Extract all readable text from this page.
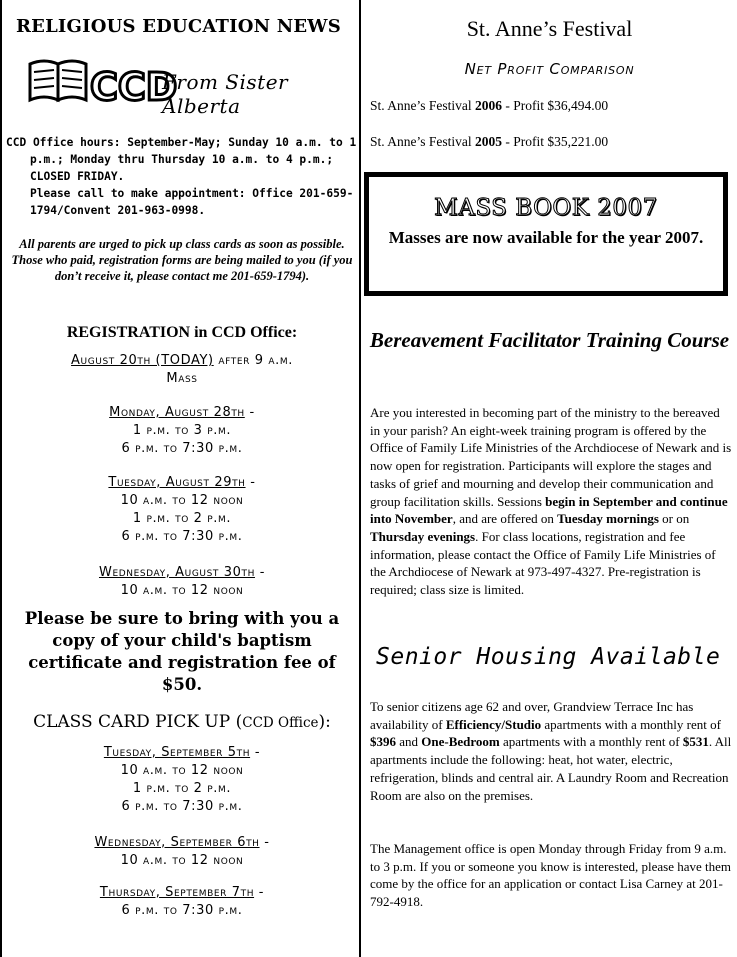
RELIGIOUS EDUCATION NEWS
CCD
From Sister Alberta

CCD Office hours: September-May; Sunday 10 a.m. to 1 p.m.; Monday thru Thursday 10 a.m. to 4 p.m.; CLOSED FRIDAY.

Please call to make appointment: Office 201-659-1794/Convent 201-963-0998.

All parents are urged to pick up class cards as soon as possible. Those who paid, registration forms are being mailed to you (if you don’t receive it, please contact me 201-659-1794).
REGISTRATION in CCD Office:
August 20th (TODAY) after 9 a.m.
Mass
Monday, August 28th -
1 p.m. to 3 p.m.
6 p.m. to 7:30 p.m.
Tuesday, August 29th -
10 a.m. to 12 noon
1 p.m. to 2 p.m.
6 p.m. to 7:30 p.m.
Wednesday, August 30th -
10 a.m. to 12 noon
Please be sure to bring with you a copy of your child's baptism certificate and registration fee of $50.
CLASS CARD PICK UP (CCD Office):
Tuesday, September 5th -
10 a.m. to 12 noon
1 p.m. to 2 p.m.
6 p.m. to 7:30 p.m.
Wednesday, September 6th -
10 a.m. to 12 noon
Thursday, September 7th -
6 p.m. to 7:30 p.m.
St. Anne’s Festival
Net Profit Comparison
St. Anne’s Festival 2006 - Profit $36,494.00
St. Anne’s Festival 2005 - Profit $35,221.00
MASS BOOK 2007
Masses are now available for the year 2007.
Bereavement Facilitator Training Course
Are you interested in becoming part of the ministry to the bereaved in your parish? An eight-week training program is offered by the Office of Family Life Ministries of the Archdiocese of Newark and is now open for registration. Participants will explore the stages and tasks of grief and mourning and develop their communication and group facilitation skills. Sessions begin in September and continue into November, and are offered on Tuesday mornings or on Thursday evenings. For class locations, registration and fee information, please contact the Office of Family Life Ministries of the Archdiocese of Newark at 973-497-4327. Pre-registration is required; class size is limited.
Senior Housing Available
To senior citizens age 62 and over, Grandview Terrace Inc has availability of Efficiency/Studio apartments with a monthly rent of $396 and One-Bedroom apartments with a monthly rent of $531. All apartments include the following: heat, hot water, electric, refrigeration, blinds and central air. A Laundry Room and Recreation Room are also on the premises.
The Management office is open Monday through Friday from 9 a.m. to 3 p.m. If you or someone you know is interested, please have them come by the office for an application or contact Lisa Carney at 201-792-4918.
